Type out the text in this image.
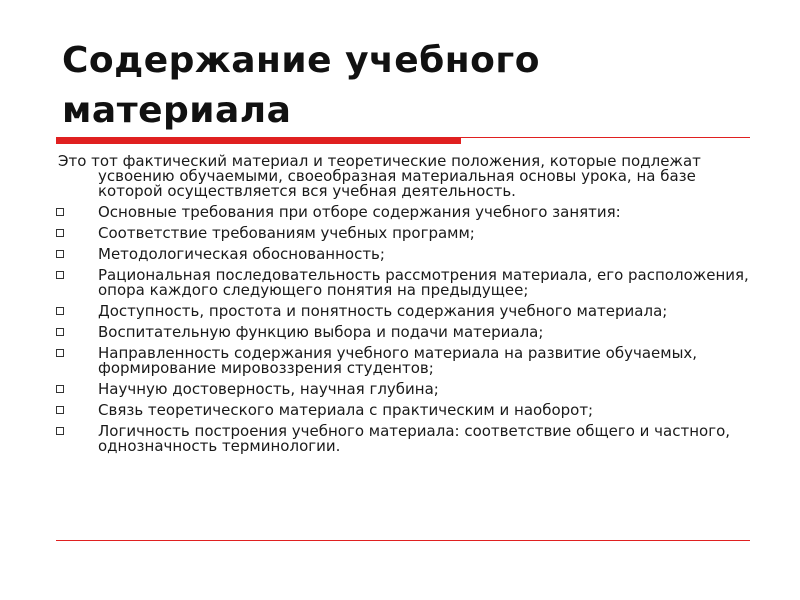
Содержание учебного материала

Это тот фактический материал и теоретические положения, которые подлежат усвоению обучаемыми, своеобразная материальная основы урока, на базе которой осуществляется вся учебная деятельность.

Основные требования при отборе содержания учебного занятия:
Соответствие требованиям учебных программ;
Методологическая обоснованность;
Рациональная последовательность рассмотрения материала, его расположения, опора каждого следующего понятия на предыдущее;
Доступность, простота и понятность содержания учебного материала;
Воспитательную функцию выбора и подачи материала;
Направленность содержания учебного материала на развитие обучаемых, формирование мировоззрения студентов;
Научную достоверность, научная глубина;
Связь теоретического материала с практическим и наоборот;
Логичность построения учебного материала: соответствие общего и частного, однозначность терминологии.
